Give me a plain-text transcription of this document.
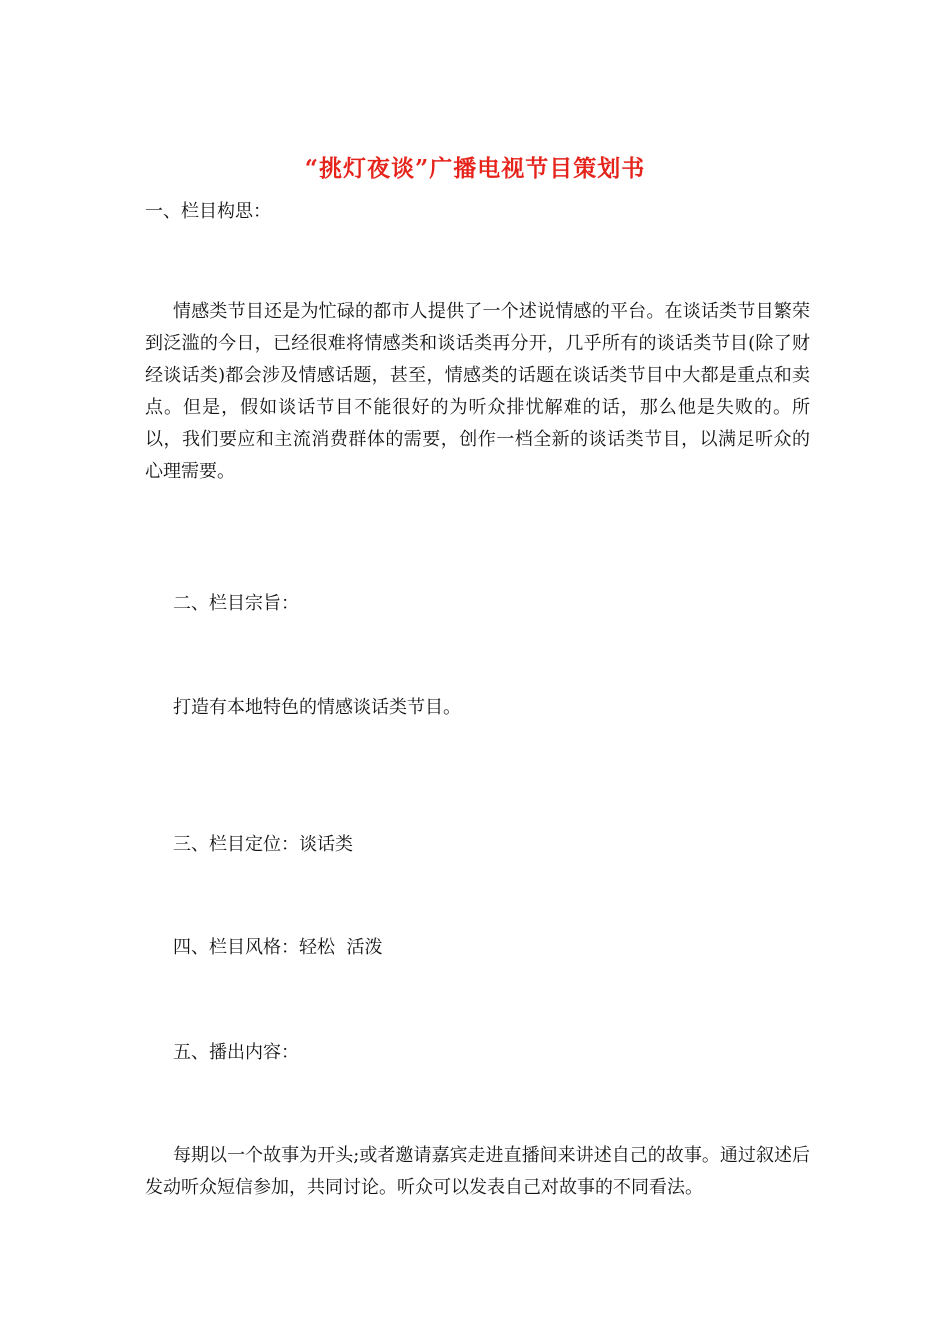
“挑灯夜谈”广播电视节目策划书
一、栏目构思：
情感类节目还是为忙碌的都市人提供了一个述说情感的平台。在谈话类节目繁荣到泛滥的今日，已经很难将情感类和谈话类再分开，几乎所有的谈话类节目(除了财经谈话类)都会涉及情感话题，甚至，情感类的话题在谈话类节目中大都是重点和卖点。但是，假如谈话节目不能很好的为听众排忧解难的话，那么他是失败的。所以，我们要应和主流消费群体的需要，创作一档全新的谈话类节目，以满足听众的心理需要。
二、栏目宗旨：
打造有本地特色的情感谈话类节目。
三、栏目定位：谈话类
四、栏目风格：轻松  活泼
五、播出内容：
每期以一个故事为开头;或者邀请嘉宾走进直播间来讲述自己的故事。通过叙述后发动听众短信参加，共同讨论。听众可以发表自己对故事的不同看法。
